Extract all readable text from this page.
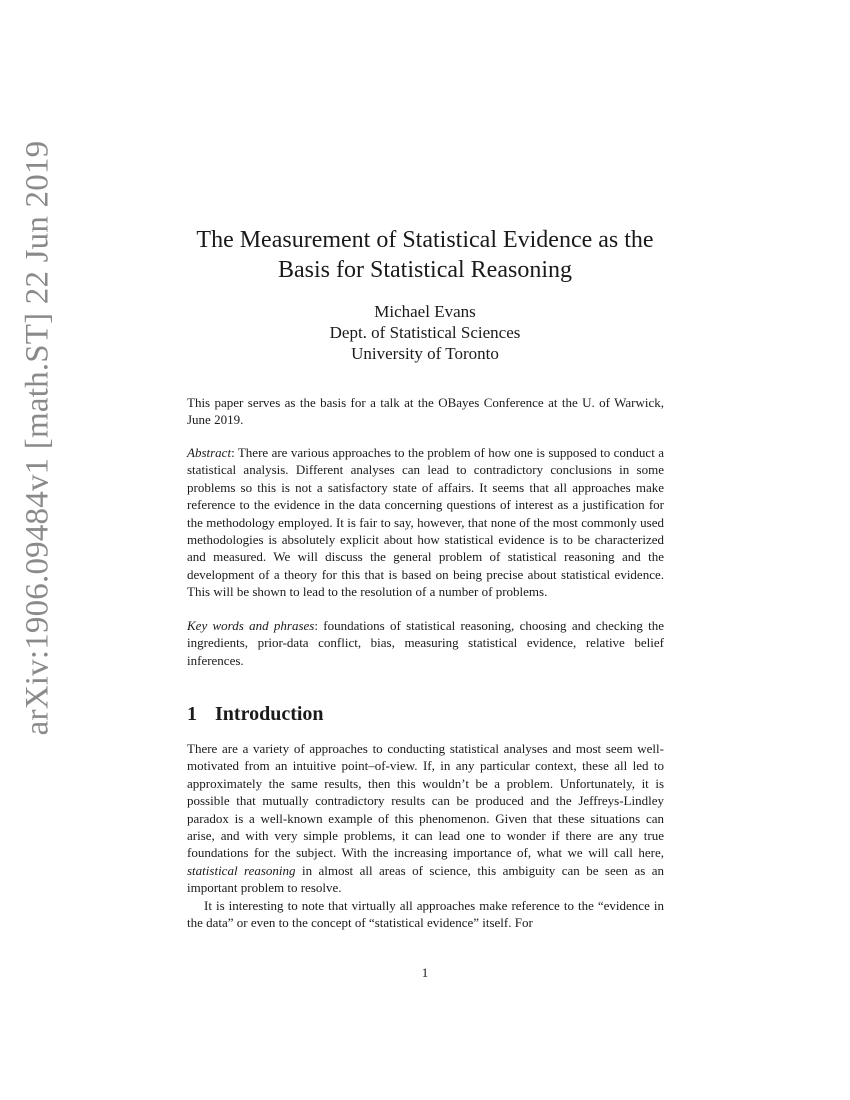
arXiv:1906.09484v1 [math.ST] 22 Jun 2019	The Measurement of Statistical Evidence as the
Basis for Statistical Reasoning
Michael Evans
Dept. of Statistical Sciences
University of Toronto

This paper serves as the basis for a talk at the OBayes Conference at the U. of Warwick, June 2019.

Abstract: There are various approaches to the problem of how one is supposed to conduct a statistical analysis. Different analyses can lead to contradictory conclusions in some problems so this is not a satisfactory state of affairs. It seems that all approaches make reference to the evidence in the data concerning questions of interest as a justification for the methodology employed. It is fair to say, however, that none of the most commonly used methodologies is absolutely explicit about how statistical evidence is to be characterized and measured. We will discuss the general problem of statistical reasoning and the development of a theory for this that is based on being precise about statistical evidence. This will be shown to lead to the resolution of a number of problems.

Key words and phrases: foundations of statistical reasoning, choosing and checking the ingredients, prior-data conflict, bias, measuring statistical evidence, relative belief inferences.

1 Introduction

There are a variety of approaches to conducting statistical analyses and most seem well-motivated from an intuitive point–of-view. If, in any particular context, these all led to approximately the same results, then this wouldn’t be a problem. Unfortunately, it is possible that mutually contradictory results can be produced and the Jeffreys-Lindley paradox is a well-known example of this phenomenon. Given that these situations can arise, and with very simple problems, it can lead one to wonder if there are any true foundations for the subject. With the increasing importance of, what we will call here, statistical reasoning in almost all areas of science, this ambiguity can be seen as an important problem to resolve.

It is interesting to note that virtually all approaches make reference to the “evidence in the data” or even to the concept of “statistical evidence” itself. For

1
